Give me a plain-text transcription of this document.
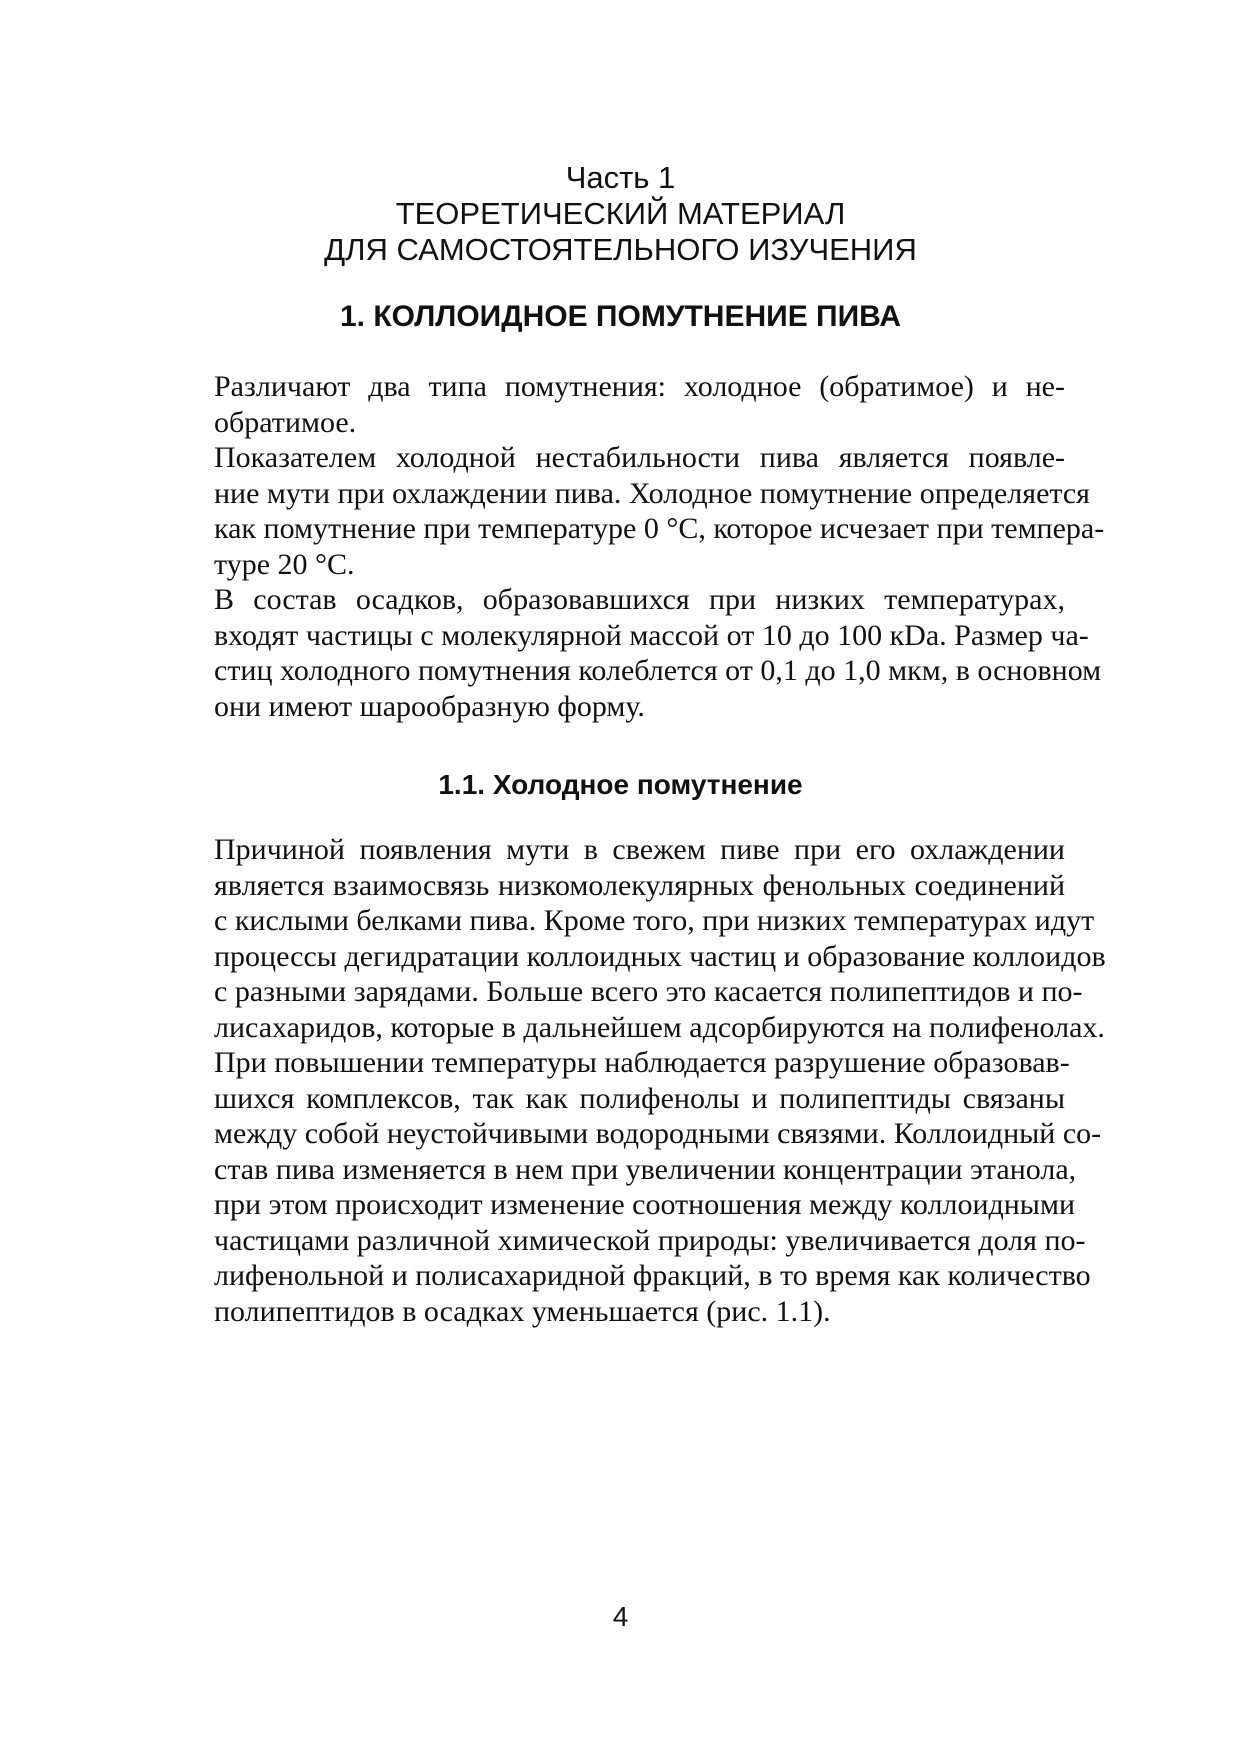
Часть 1
ТЕОРЕТИЧЕСКИЙ МАТЕРИАЛ
ДЛЯ САМОСТОЯТЕЛЬНОГО ИЗУЧЕНИЯ
1. КОЛЛОИДНОЕ ПОМУТНЕНИЕ ПИВА

Различают два типа помутнения: холодное (обратимое) и не-
обратимое.

Показателем холодной нестабильности пива является появле-
ние мути при охлаждении пива. Холодное помутнение определяется
как помутнение при температуре 0 °С, которое исчезает при темпера-
туре 20 °С.

В состав осадков, образовавшихся при низких температурах,
входят частицы с молекулярной массой от 10 до 100 кDa. Размер ча-
стиц холодного помутнения колеблется от 0,1 до 1,0 мкм, в основном
они имеют шарообразную форму.

1.1. Холодное помутнение

Причиной появления мути в свежем пиве при его охлаждении
является взаимосвязь низкомолекулярных фенольных соединений
с кислыми белками пива. Кроме того, при низких температурах идут
процессы дегидратации коллоидных частиц и образование коллоидов
с разными зарядами. Больше всего это касается полипептидов и по-
лисахаридов, которые в дальнейшем адсорбируются на полифенолах.
При повышении температуры наблюдается разрушение образовав-
шихся комплексов, так как полифенолы и полипептиды связаны
между собой неустойчивыми водородными связями. Коллоидный со-
став пива изменяется в нем при увеличении концентрации этанола,
при этом происходит изменение соотношения между коллоидными
частицами различной химической природы: увеличивается доля по-
лифенольной и полисахаридной фракций, в то время как количество
полипептидов в осадках уменьшается (рис. 1.1).

4
